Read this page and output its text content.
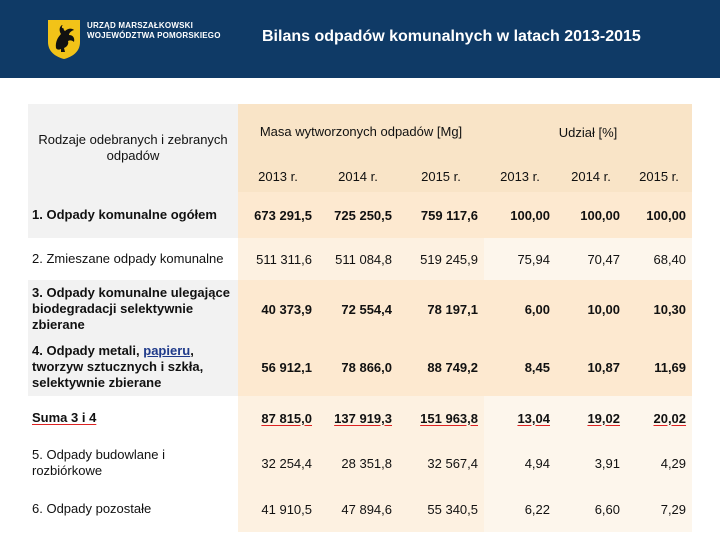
URZĄD MARSZAŁKOWSKI
WOJEWÓDZTWA POMORSKIEGO	Bilans odpadów komunalnych w latach 2013-2015
Rodzaje odebranych i zebranych odpadów	Masa wytworzonych odpadów [Mg]			Udział [%]		
	2013 r.	2014 r.	2015 r.	2013 r.	2014 r.	2015 r.
1. Odpady komunalne ogółem	673 291,5	725 250,5	759 117,6	100,00	100,00	100,00
2. Zmieszane odpady komunalne	511 311,6	511 084,8	519 245,9	75,94	70,47	68,40
3. Odpady komunalne ulegające biodegradacji selektywnie zbierane	40 373,9	72 554,4	78 197,1	6,00	10,00	10,30
4. Odpady metali, papieru, tworzyw sztucznych i szkła, selektywnie zbierane	56 912,1	78 866,0	88 749,2	8,45	10,87	11,69
Suma 3 i 4	87 815,0	137 919,3	151 963,8	13,04	19,02	20,02
5. Odpady budowlane i rozbiórkowe	32 254,4	28 351,8	32 567,4	4,94	3,91	4,29
6. Odpady pozostałe	41 910,5	47 894,6	55 340,5	6,22	6,60	7,29
